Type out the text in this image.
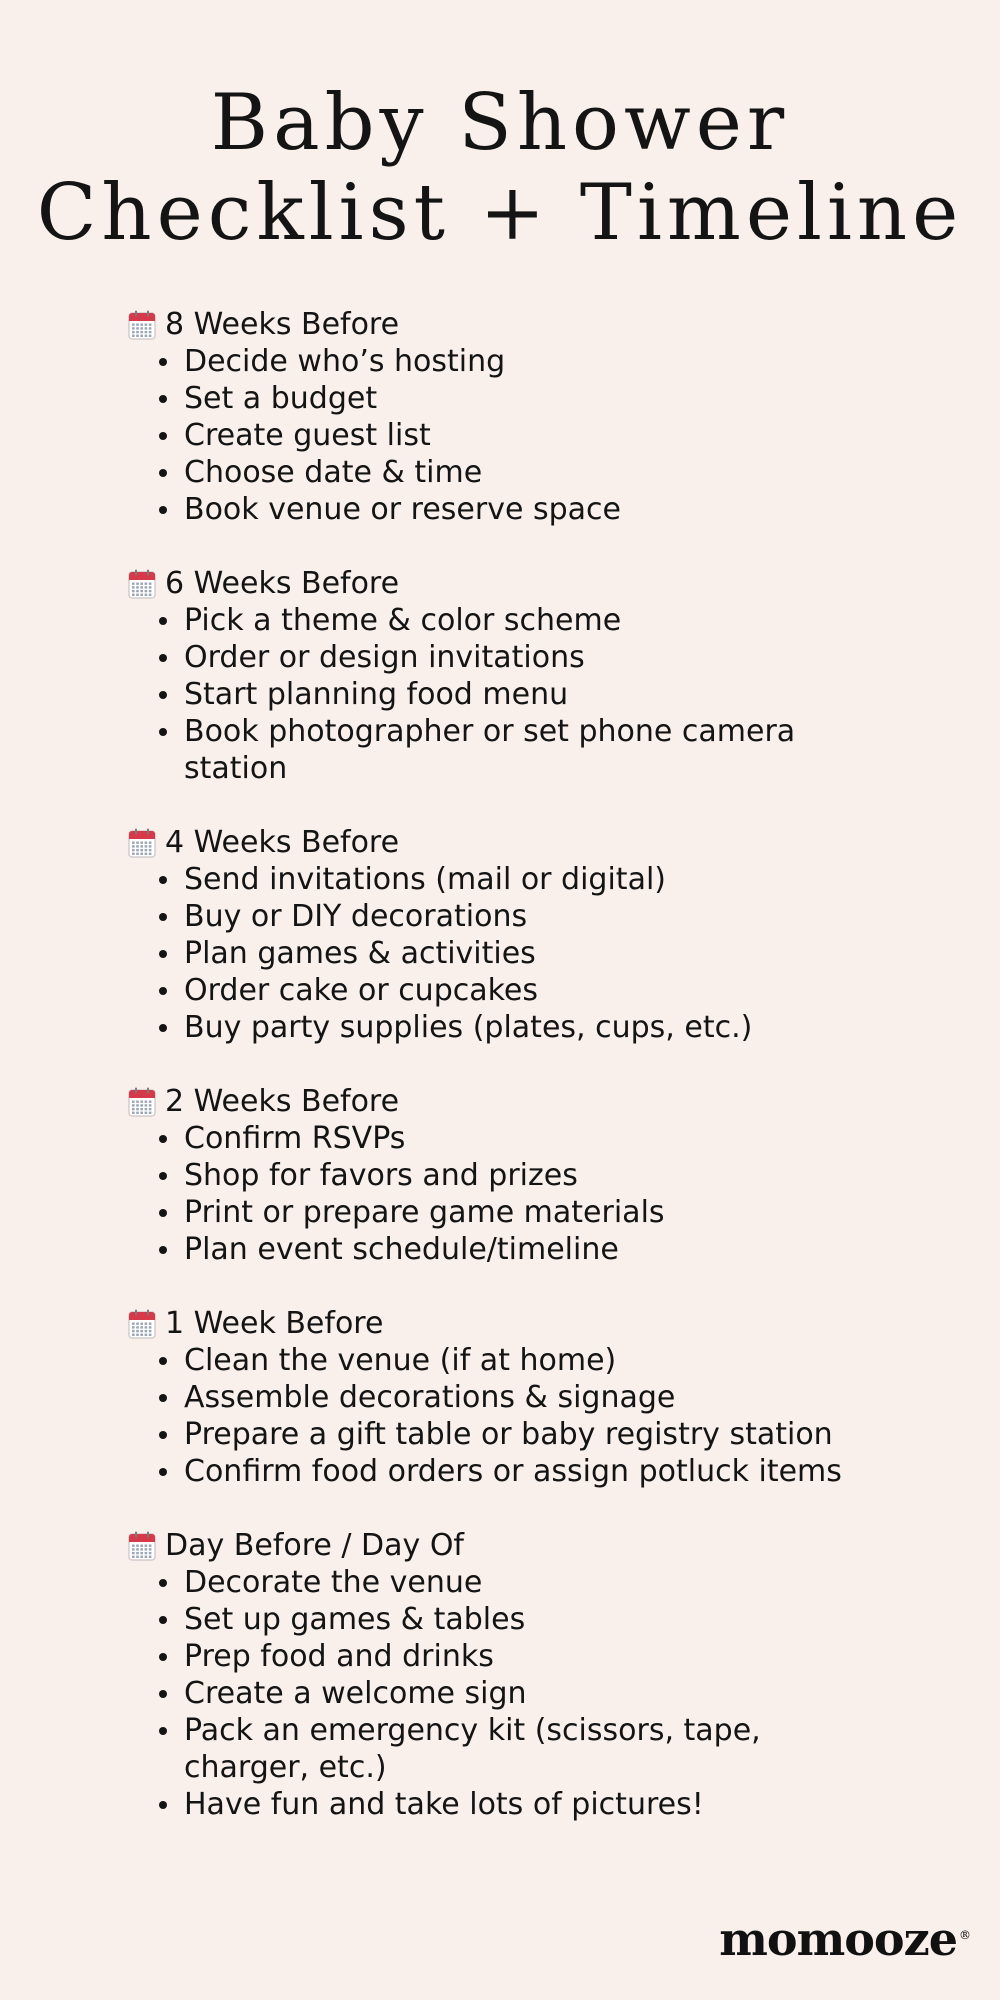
Baby Shower
Checklist + Timeline
8 Weeks Before
Decide who’s hosting
Set a budget
Create guest list
Choose date & time
Book venue or reserve space
6 Weeks Before
Pick a theme & color scheme
Order or design invitations
Start planning food menu
Book photographer or set phone camera station
4 Weeks Before
Send invitations (mail or digital)
Buy or DIY decorations
Plan games & activities
Order cake or cupcakes
Buy party supplies (plates, cups, etc.)
2 Weeks Before
Confirm RSVPs
Shop for favors and prizes
Print or prepare game materials
Plan event schedule/timeline
1 Week Before
Clean the venue (if at home)
Assemble decorations & signage
Prepare a gift table or baby registry station
Confirm food orders or assign potluck items
Day Before / Day Of
Decorate the venue
Set up games & tables
Prep food and drinks
Create a welcome sign
Pack an emergency kit (scissors, tape, charger, etc.)
Have fun and take lots of pictures!
momooze ®
